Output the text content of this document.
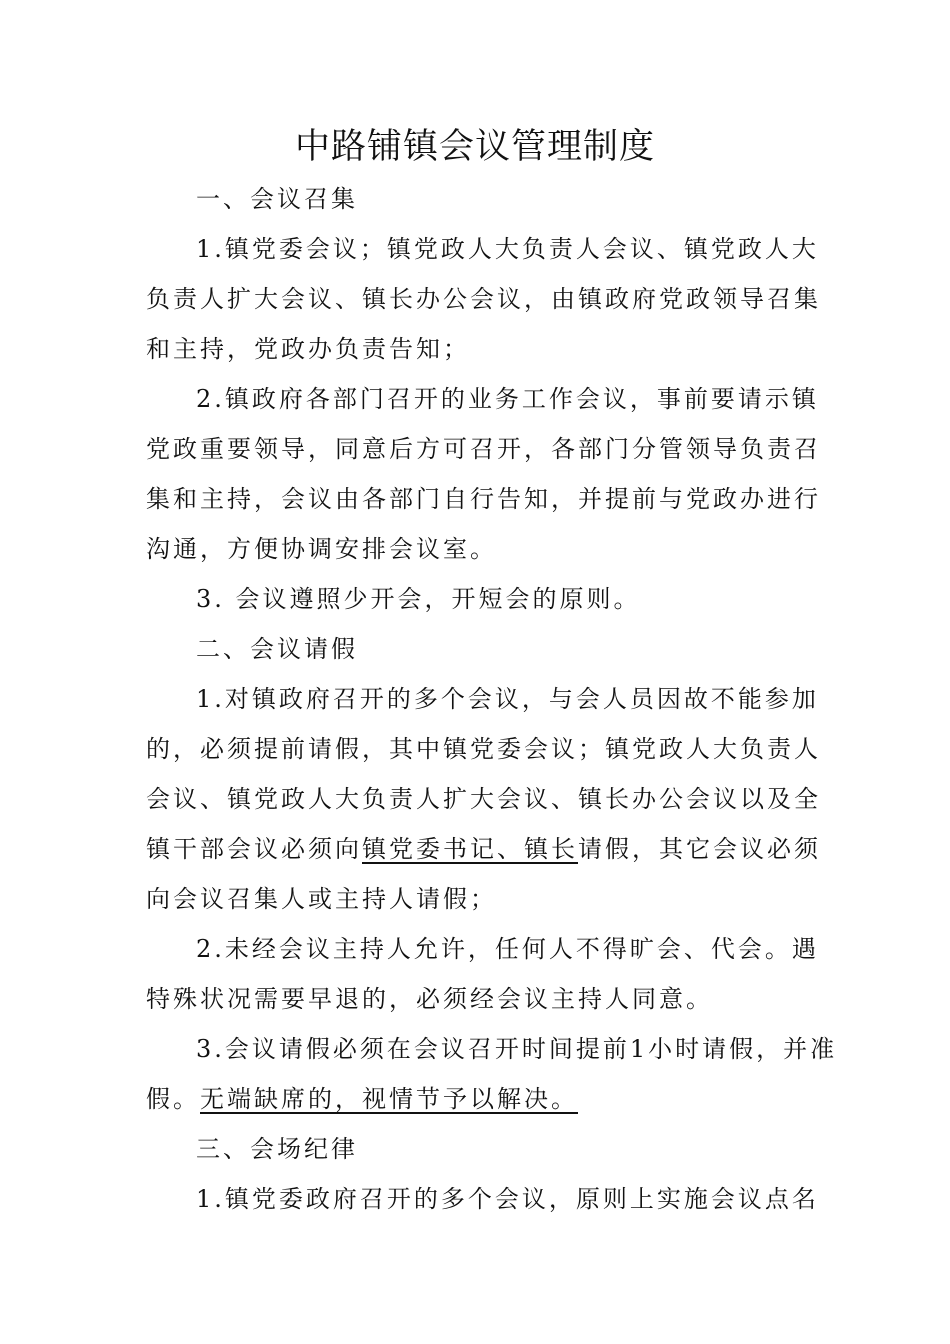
中路铺镇会议管理制度
一、会议召集
1.镇党委会议；镇党政人大负责人会议、镇党政人大
负责人扩大会议、镇长办公会议，由镇政府党政领导召集
和主持，党政办负责告知；
2.镇政府各部门召开的业务工作会议，事前要请示镇
党政重要领导，同意后方可召开，各部门分管领导负责召
集和主持，会议由各部门自行告知，并提前与党政办进行
沟通，方便协调安排会议室。
3. 会议遵照少开会，开短会的原则。
二、会议请假
1.对镇政府召开的多个会议，与会人员因故不能参加
的，必须提前请假，其中镇党委会议；镇党政人大负责人
会议、镇党政人大负责人扩大会议、镇长办公会议以及全
镇干部会议必须向镇党委书记、镇长请假，其它会议必须
向会议召集人或主持人请假；
2.未经会议主持人允许，任何人不得旷会、代会。遇
特殊状况需要早退的，必须经会议主持人同意。
3.会议请假必须在会议召开时间提前1小时请假，并准
假。无端缺席的，视情节予以解决。
三、会场纪律
1.镇党委政府召开的多个会议，原则上实施会议点名
